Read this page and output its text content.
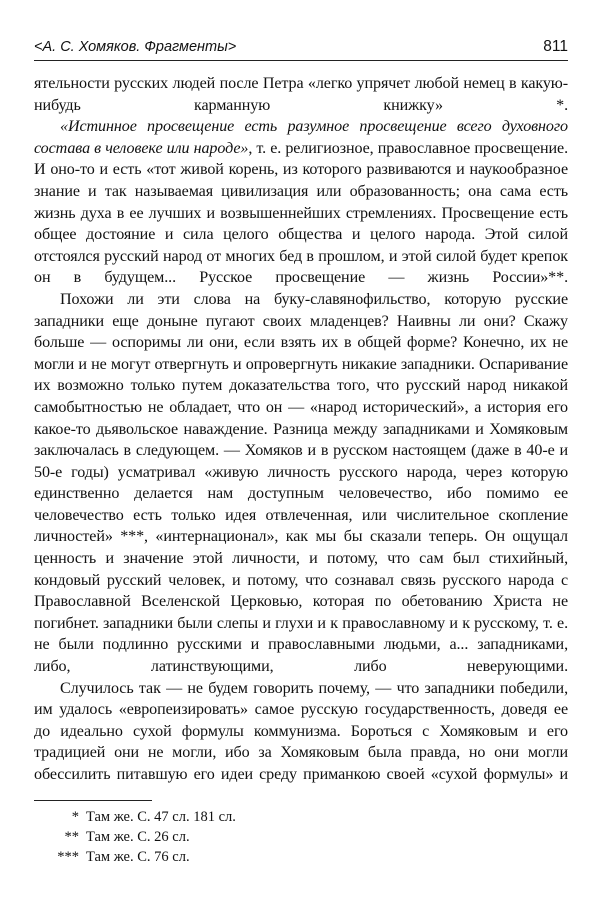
<А. С. Хомяков. Фрагменты>	811

ятельности русских людей после Петра «легко упрячет любой немец в какую-нибудь карманную книжку» *.

«Истинное просвещение есть разумное просвещение всего духовного состава в человеке или народе», т. е. религиозное, православное просвещение. И оно-то и есть «тот живой корень, из которого развиваются и наукообразное знание и так называемая цивилизация или образованность; она сама есть жизнь духа в ее лучших и возвышеннейших стремлениях. Просвещение есть общее достояние и сила целого общества и целого народа. Этой силой отстоялся русский народ от многих бед в прошлом, и этой силой будет крепок он в будущем... Русское просвещение — жизнь России»**.

Похожи ли эти слова на буку-славянофильство, которую русские западники еще доныне пугают своих младенцев? Наивны ли они? Скажу больше — оспоримы ли они, если взять их в общей форме? Конечно, их не могли и не могут отвергнуть и опровергнуть никакие западники. Оспаривание их возможно только путем доказательства того, что русский народ никакой самобытностью не обладает, что он — «народ исторический», а история его какое-то дьявольское наваждение. Разница между западниками и Хомяковым заключалась в следующем. — Хомяков и в русском настоящем (даже в 40-е и 50-е годы) усматривал «живую личность русского народа, через которую единственно делается нам доступным человечество, ибо помимо ее человечество есть только идея отвлеченная, или числительное скопление личностей» ***, «интернационал», как мы бы сказали теперь. Он ощущал ценность и значение этой личности, и потому, что сам был стихийный, кондовый русский человек, и потому, что сознавал связь русского народа с Православной Вселенской Церковью, которая по обетованию Христа не погибнет. западники были слепы и глухи и к православному и к русскому, т. е. не были подлинно русскими и православными людьми, а... западниками, либо, латинствующими, либо неверующими.

Случилось так — не будем говорить почему, — что западники победили, им удалось «европеизировать» самое русскую государственность, доведя ее до идеально сухой формулы коммунизма. Бороться с Хомяковым и его традицией они не могли, ибо за Хомяковым была правда, но они могли обессилить питавшую его идеи среду приманкою своей «сухой формулы» и

* Там же. С. 47 сл. 181 сл.
** Там же. С. 26 сл.
*** Там же. С. 76 сл.
